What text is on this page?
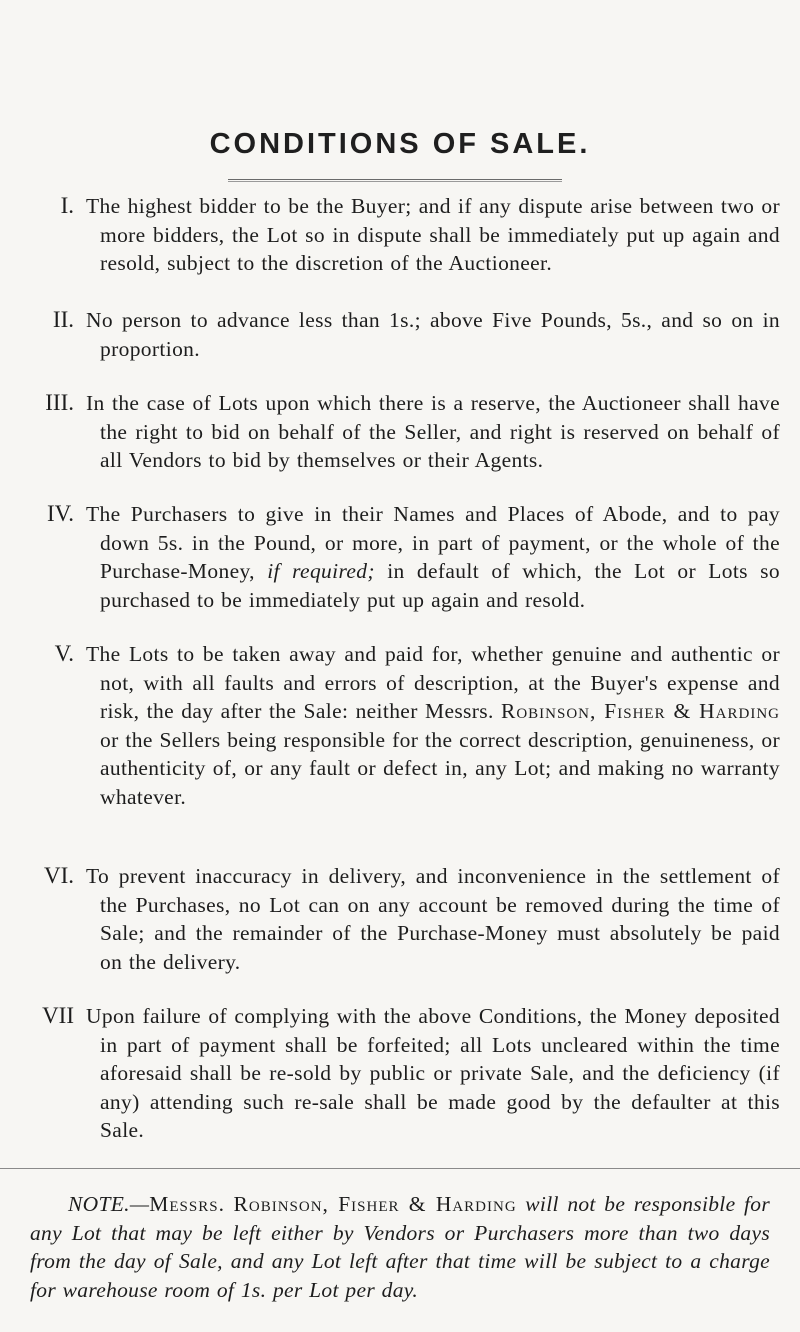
CONDITIONS OF SALE.
I. The highest bidder to be the Buyer; and if any dispute arise between two or more bidders, the Lot so in dispute shall be immediately put up again and resold, subject to the discretion of the Auctioneer.
II. No person to advance less than 1s.; above Five Pounds, 5s., and so on in proportion.
III. In the case of Lots upon which there is a reserve, the Auctioneer shall have the right to bid on behalf of the Seller, and right is reserved on behalf of all Vendors to bid by themselves or their Agents.
IV. The Purchasers to give in their Names and Places of Abode, and to pay down 5s. in the Pound, or more, in part of payment, or the whole of the Purchase-Money, if required; in default of which, the Lot or Lots so purchased to be immediately put up again and resold.
V. The Lots to be taken away and paid for, whether genuine and authentic or not, with all faults and errors of description, at the Buyer's expense and risk, the day after the Sale: neither Messrs. Robinson, Fisher & Harding or the Sellers being responsible for the correct description, genuineness, or authenticity of, or any fault or defect in, any Lot; and making no warranty whatever.
VI. To prevent inaccuracy in delivery, and inconvenience in the settlement of the Purchases, no Lot can on any account be removed during the time of Sale; and the remainder of the Purchase-Money must absolutely be paid on the delivery.
VII Upon failure of complying with the above Conditions, the Money deposited in part of payment shall be forfeited; all Lots uncleared within the time aforesaid shall be re-sold by public or private Sale, and the deficiency (if any) attending such re-sale shall be made good by the defaulter at this Sale.
NOTE.—Messrs. Robinson, Fisher & Harding will not be responsible for any Lot that may be left either by Vendors or Purchasers more than two days from the day of Sale, and any Lot left after that time will be subject to a charge for warehouse room of 1s. per Lot per day.
